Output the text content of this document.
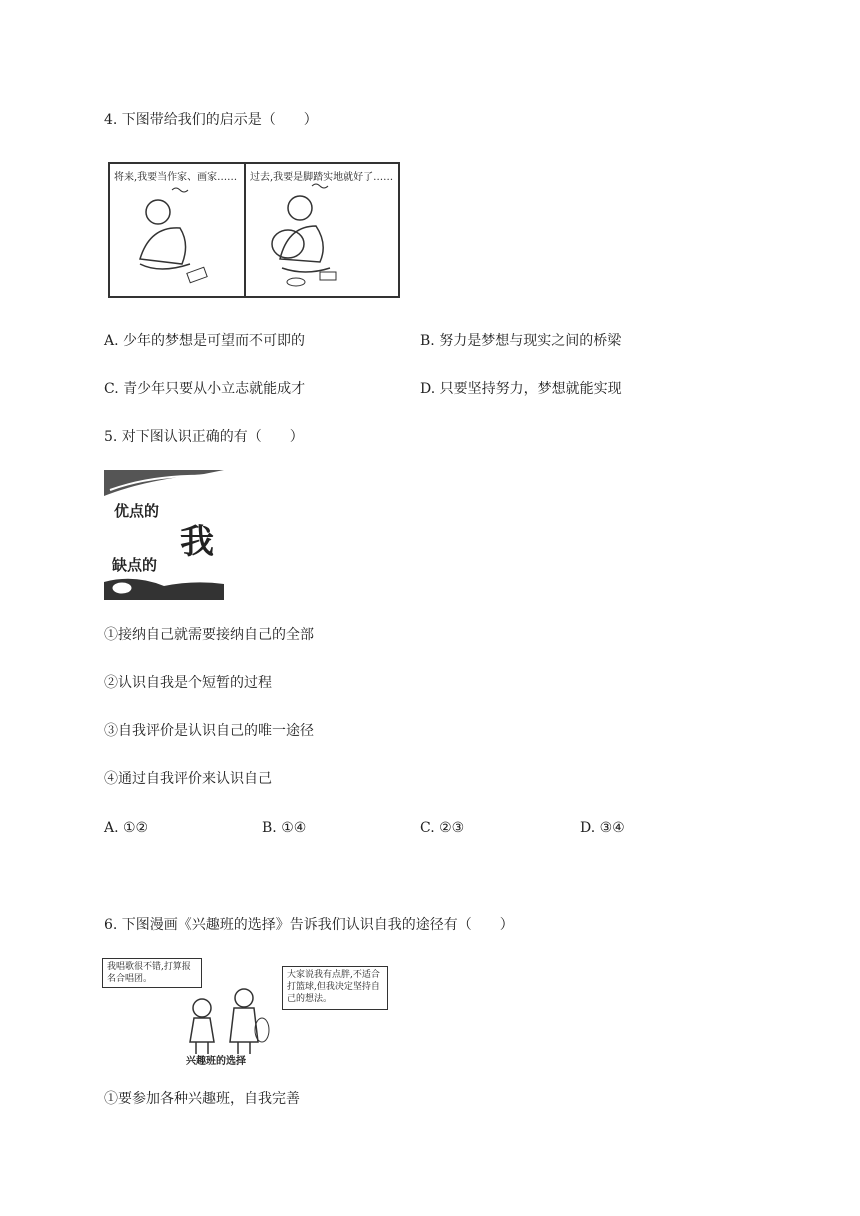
4. 下图带给我们的启示是（　　）
将来,我要当作家、画家…… 过去,我要是脚踏实地就好了……
A. 少年的梦想是可望而不可即的	B. 努力是梦想与现实之间的桥梁
C. 青少年只要从小立志就能成才	D. 只要坚持努力，梦想就能实现
5. 对下图认识正确的有（　　）
优点的
我
缺点的
①接纳自己就需要接纳自己的全部
②认识自我是个短暂的过程
③自我评价是认识自己的唯一途径
④通过自我评价来认识自己
A. ①②	B. ①④	C. ②③	D. ③④
6. 下图漫画《兴趣班的选择》告诉我们认识自我的途径有（　　）
我唱歌很不错,打算报名合唱团。	大家说我有点胖,不适合打篮球,但我决定坚持自己的想法。
兴趣班的选择
①要参加各种兴趣班，自我完善
